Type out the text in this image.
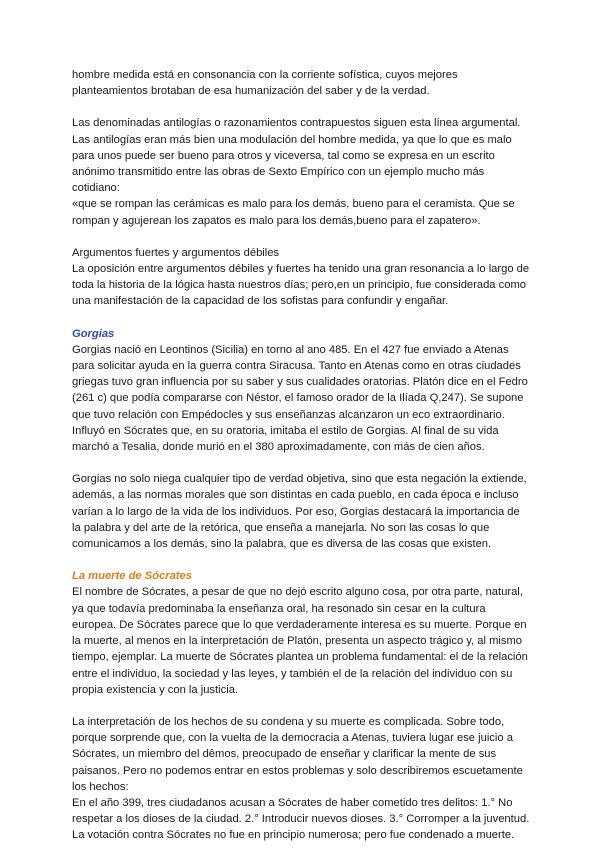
hombre medida está en consonancia con la corriente sofística, cuyos mejores
planteamientos brotaban de esa humanización del saber y de la verdad.

Las denominadas antilogías o razonamientos contrapuestos siguen esta línea argumental.
Las antilogías eran más bien una modulación del hombre medida, ya que lo que es malo
para unos puede ser bueno para otros y viceversa, tal como se expresa en un escrito
anónimo transmitido entre las obras de Sexto Empírico con un ejemplo mucho más
cotidiano:
«que se rompan las cerámicas es malo para los demás, bueno para el ceramista. Que se
rompan y agujerean los zapatos es malo para los demás,bueno para el zapatero».

Argumentos fuertes y argumentos débiles
La oposición entre argumentos débiles y fuertes ha tenido una gran resonancia a lo largo de
toda la historia de la lógica hasta nuestros días; pero,en un principio, fue considerada como
una manifestación de la capacidad de los sofistas para confundir y engañar.

Gorgias

Gorgias nació en Leontinos (Sicilia) en torno al ano 485. En el 427 fue enviado a Atenas
para solicitar ayuda en la guerra contra Siracusa. Tanto en Atenas como en otras ciudades
griegas tuvo gran influencia por su saber y sus cualidades oratorias. Platón dice en el Fedro
(261 c) que podía compararse con Néstor, el famoso orador de la Ilíada Q,247). Se supone
que tuvo relación con Empédocles y sus enseñanzas alcanzaron un eco extraordinario.
Influyó en Sócrates que, en su oratoria, imitaba el estilo de Gorgias. Al final de su vida
marchó a Tesalia, donde murió en el 380 aproximadamente, con más de cien años.

Gorgias no solo niega cualquier tipo de verdad objetiva, sino que esta negación la extiende,
además, a las normas morales que son distintas en cada pueblo, en cada época e incluso
varían a lo largo de la vida de los individuos. Por eso, Gorgias destacará la importancia de
la palabra y del arte de la retórica, que enseña a manejarla. No son las cosas lo que
comunicamos a los demás, sino la palabra, que es diversa de las cosas que existen.

La muerte de Sócrates

El nombre de Sócrates, a pesar de que no dejó escrito alguno cosa, por otra parte, natural,
ya que todavía predominaba la enseñanza oral, ha resonado sin cesar en la cultura
europea. De Sócrates parece que lo que verdaderamente interesa es su muerte. Porque en
la muerte, al menos en la interpretación de Platón, presenta un aspecto trágico y, al mismo
tiempo, ejemplar. La muerte de Sócrates plantea un problema fundamental: el de la relación
entre el individuo, la sociedad y las leyes, y también el de la relación del individuo con su
propia existencia y con la justicia.

La interpretación de los hechos de su condena y su muerte es complicada. Sobre todo,
porque sorprende que, con la vuelta de la democracia a Atenas, tuviera lugar ese juicio a
Sócrates, un miembro del dêmos, preocupado de enseñar y clarificar la mente de sus
paisanos. Pero no podemos entrar en estos problemas y solo describiremos escuetamente
los hechos:
En el año 399, tres ciudadanos acusan a Sócrates de haber cometido tres delitos: 1.° No
respetar a los dioses de la ciudad. 2.° Introducir nuevos dioses. 3.° Corromper a la juventud.
La votación contra Sócrates no fue en principio numerosa; pero fue condenado a muerte.
